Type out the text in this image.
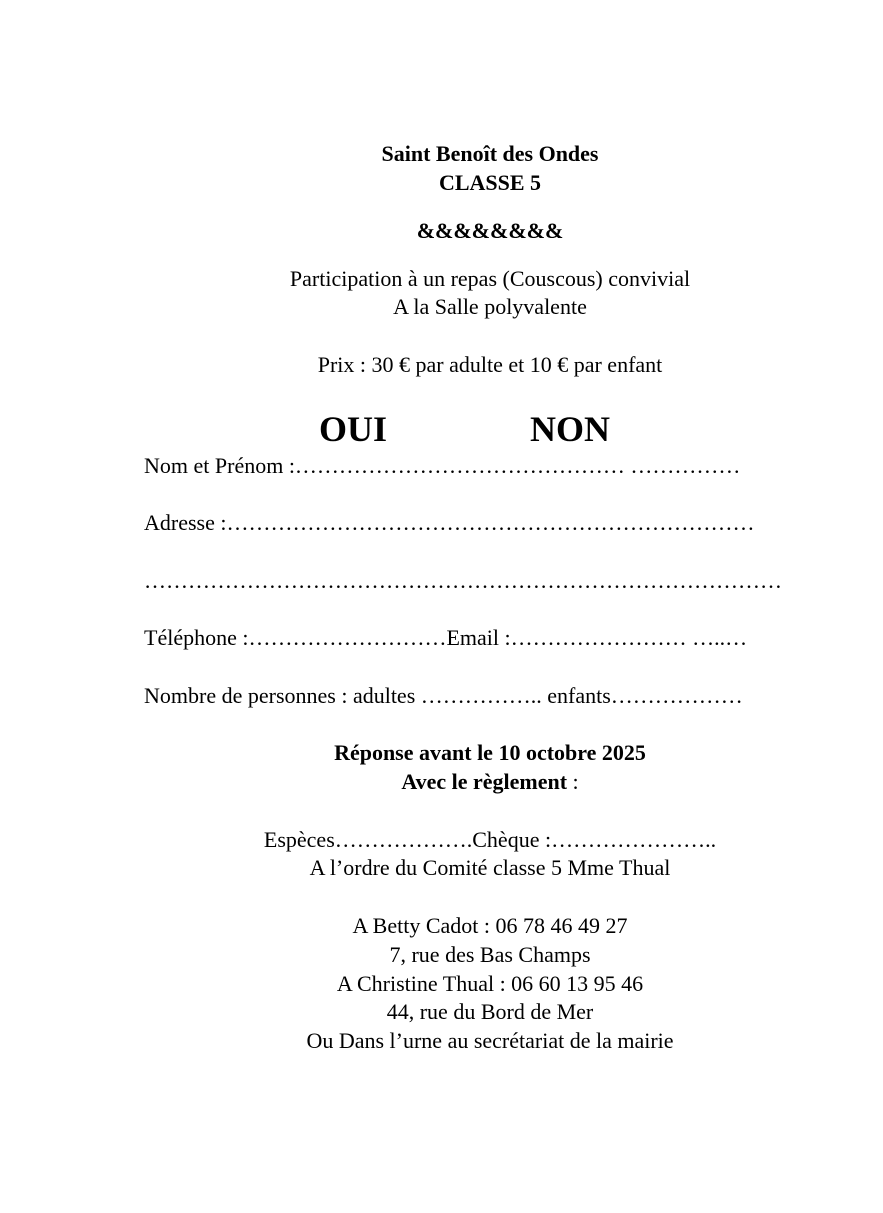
Saint Benoît des Ondes
CLASSE 5
&&&&&&&&
Participation à un repas (Couscous) convivial
A la Salle polyvalente
Prix : 30 € par adulte et 10 € par enfant
OUI	NON
Nom et Prénom :……………………………………… ……………
Adresse :………………………………………………………………
……………………………………………………………………………
Téléphone :………………………Email :…………………… …..…
Nombre de personnes : adultes …………….. enfants………………
Réponse avant le 10 octobre 2025
Avec le règlement :
Espèces……………….Chèque :…………………..
A l’ordre du Comité classe 5 Mme Thual
A Betty Cadot : 06 78 46 49 27
7, rue des Bas Champs
A Christine Thual : 06 60 13 95 46
44, rue du Bord de Mer
Ou Dans l’urne au secrétariat de la mairie
